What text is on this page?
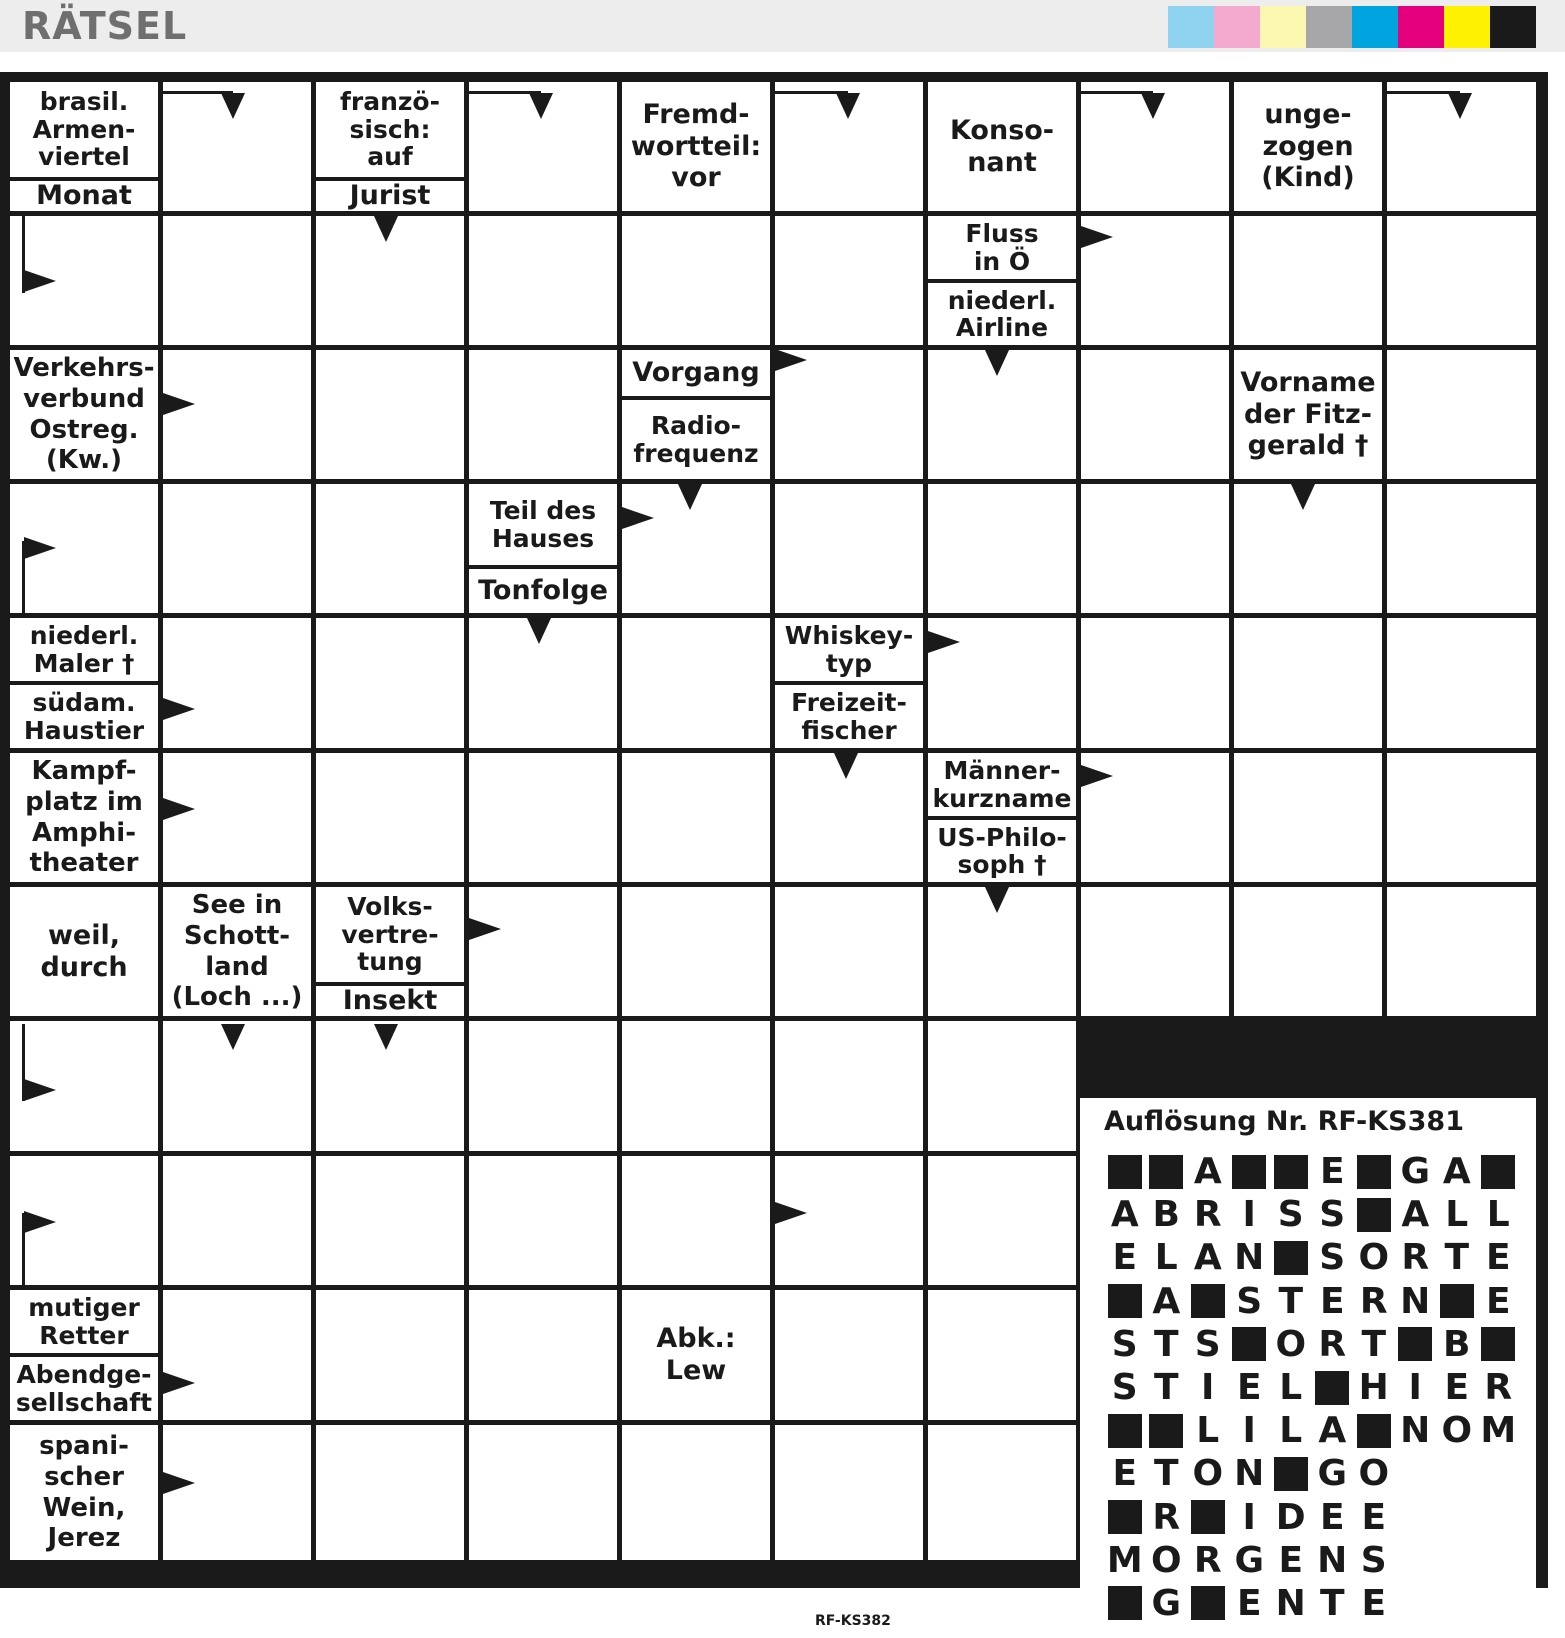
RÄTSEL
Auflösung Nr. RF-KS381
A	E G A
A B R I S S A L L
E L A N S O R T E
A S T E R N E
S T S O R T B
S T I E L H I E R
L I L A N O M
E T O N G O
R	I D E E
M O R G E N S
G E N T E
RF-KS382
brasil.
Armen-
viertel
Monat
franzö-
sisch:
auf
Jurist
Fremd-
wortteil:
vor
Konso-
nant
unge-
zogen
(Kind)
Fluss
in Ö
niederl.
Airline
Verkehrs-
verbund
Ostreg.
(Kw.)
Vorgang
Radio-
frequenz
Vorname
der Fitz-
gerald †
Teil des
Hauses
Tonfolge
niederl.
Maler †
südam.
Haustier
Whiskey-
typ
Freizeit-
fischer
Kampf-
platz im
Amphi-
theater
Männer-
kurzname
US-Philo-
soph †
weil,
durch
See in
Schott-
land
(Loch ...)
Volks-
vertre-
tung
Insekt
Abk.:
Lew
mutiger
Retter
Abendge-
sellschaft
spani-
scher
Wein,
Jerez
